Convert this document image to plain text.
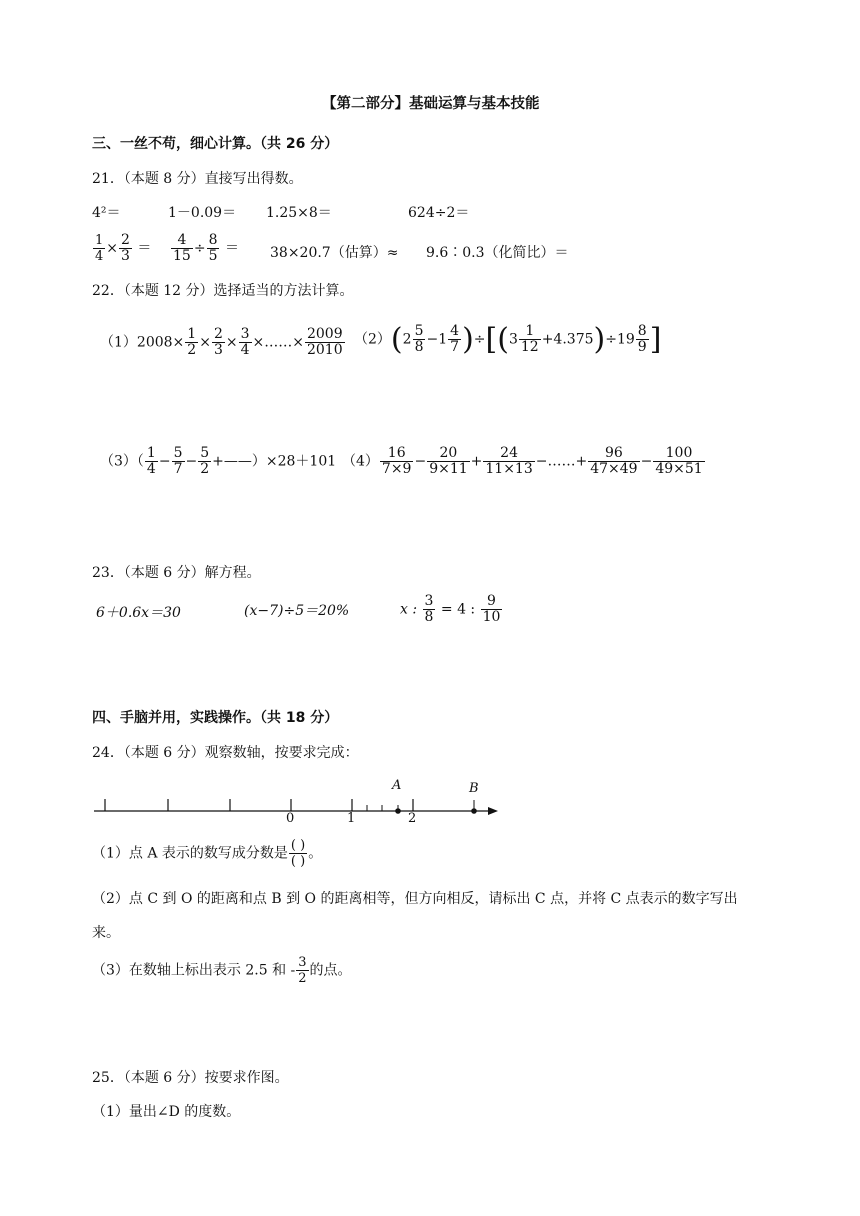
【第二部分】基础运算与基本技能
三、一丝不苟，细心计算。（共 26 分）
21．（本题 8 分）直接写出得数。
4²＝	1－0.09＝ 1.25×8＝	624÷2＝
$\frac{1}{4} \times \frac{2}{3} = \frac{4}{15} \div \frac{8}{5} = 38\times 20.7$（估算）≈ 9.6∶0.3（化简比）＝
22．（本题 12 分）选择适当的方法计算。
$(1)2008\times \frac{1}{2} \times \frac{2}{3} \times \frac{3}{4}$ ×……× $\frac{2009}{2010} (2)(2 \frac{5}{8} -1 \frac{4}{7} )\div[(3 \frac{1}{12} +4.375)\div 19 \frac{8}{9}$ ]
$(3)( \frac{1}{4} - \frac{5}{7} - \frac{5}{2}$ +——）×28＋101 $(4) \frac{16}{7\times 9} - \frac{20}{9\times 11} + \frac{24}{11\times 13}$ −……+ $\frac{96}{47\times 49} - \frac{100}{49\times 51}$
23．（本题 6 分）解方程。
6＋0.6x＝30	(x−7)÷5＝20%	x : $\frac{3}{8} = 4$ : $\frac{9}{10}$
四、手脑并用，实践操作。（共 18 分）
24．（本题 6 分）观察数轴，按要求完成：
0	1	2
A	B
（1）点 A 表示的数写成分数是 $\frac{( )}{( )}$ 。
（2）点 C 到 O 的距离和点 B 到 O 的距离相等，但方向相反，请标出 C 点，并将 C 点表示的数字写出
来。
（3）在数轴上标出表示 2.5 和 - $\frac{3}{2}$ 的点。
25．（本题 6 分）按要求作图。
（1）量出∠D 的度数。
